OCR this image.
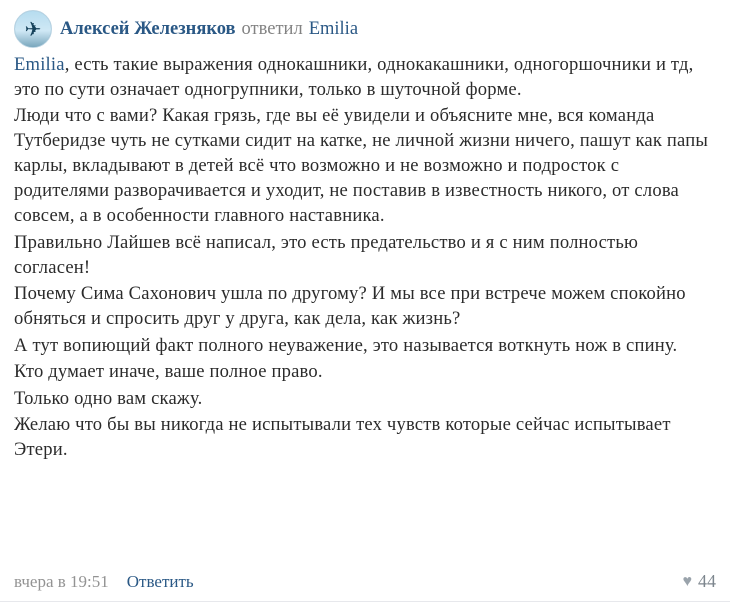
✈ Алексей Железняков ответил Emilia

Emilia, есть такие выражения однокашники, однокакашники, одногоршочники и тд, это по сути означает одногрупники, только в шуточной форме.

Люди что с вами? Какая грязь, где вы её увидели и объясните мне, вся команда Тутберидзе чуть не сутками сидит на катке, не личной жизни ничего, пашут как папы карлы, вкладывают в детей всё что возможно и не возможно и подросток с родителями разворачивается и уходит, не поставив в известность никого, от слова совсем, а в особенности главного наставника.

Правильно Лайшев всё написал, это есть предательство и я с ним полностью согласен!

Почему Сима Сахонович ушла по другому? И мы все при встрече можем спокойно обняться и спросить друг у друга, как дела, как жизнь?

А тут вопиющий факт полного неуважение, это называется воткнуть нож в спину.

Кто думает иначе, ваше полное право.

Только одно вам скажу.

Желаю что бы вы никогда не испытывали тех чувств которые сейчас испытывает Этери.

вчера в 19:51 Ответить	♥ 44
